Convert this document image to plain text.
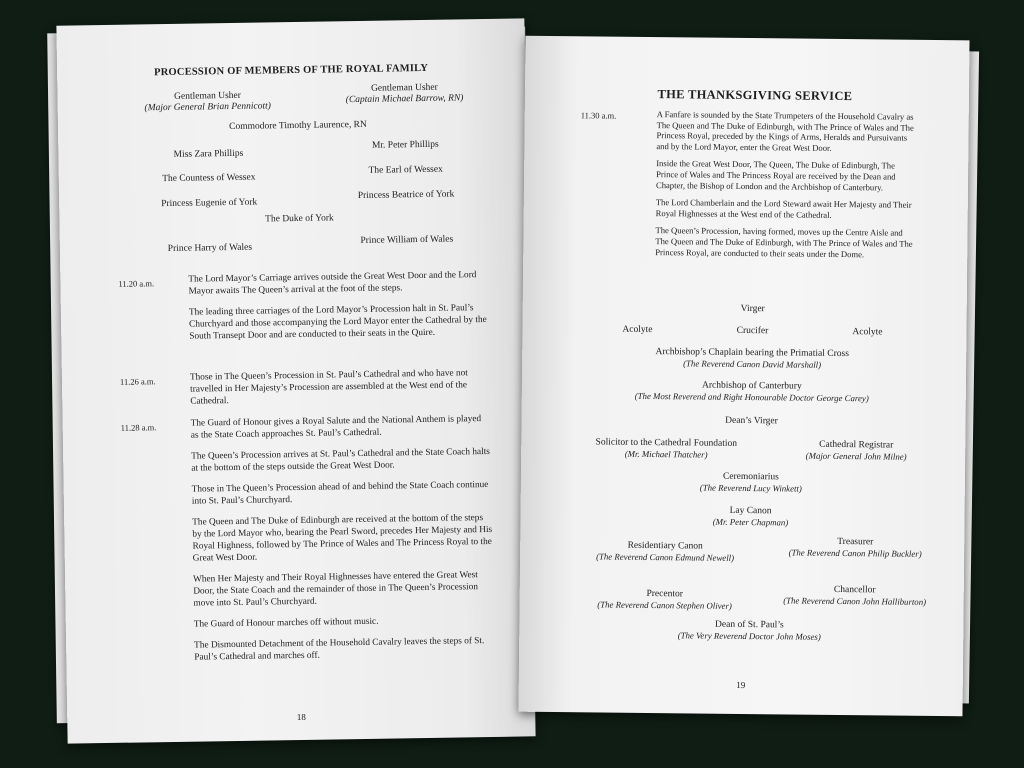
PROCESSION OF MEMBERS OF THE ROYAL FAMILY
Gentleman Usher
(Major General Brian Pennicott)
Gentleman Usher
(Captain Michael Barrow, RN)
Commodore Timothy Laurence, RN
Miss Zara Phillips
Mr. Peter Phillips
The Countess of Wessex
The Earl of Wessex
Princess Eugenie of York
Princess Beatrice of York
The Duke of York
Prince Harry of Wales
Prince William of Wales
11.20 a.m.	The Lord Mayor’s Carriage arrives outside the Great West Door and the Lord Mayor awaits The Queen’s arrival at the foot of the steps.

The leading three carriages of the Lord Mayor’s Procession halt in St. Paul’s Churchyard and those accompanying the Lord Mayor enter the Cathedral by the South Transept Door and are conducted to their seats in the Quire.

11.26 a.m.	Those in The Queen’s Procession in St. Paul’s Cathedral and who have not travelled in Her Majesty’s Procession are assembled at the West end of the Cathedral.

11.28 a.m.	The Guard of Honour gives a Royal Salute and the National Anthem is played as the State Coach approaches St. Paul’s Cathedral.

The Queen’s Procession arrives at St. Paul’s Cathedral and the State Coach halts at the bottom of the steps outside the Great West Door.

Those in The Queen’s Procession ahead of and behind the State Coach continue into St. Paul’s Churchyard.

The Queen and The Duke of Edinburgh are received at the bottom of the steps by the Lord Mayor who, bearing the Pearl Sword, precedes Her Majesty and His Royal Highness, followed by The Prince of Wales and The Princess Royal to the Great West Door.

When Her Majesty and Their Royal Highnesses have entered the Great West Door, the State Coach and the remainder of those in The Queen’s Procession move into St. Paul’s Churchyard.

The Guard of Honour marches off without music.

The Dismounted Detachment of the Household Cavalry leaves the steps of St. Paul’s Cathedral and marches off.

18
THE THANKSGIVING SERVICE
11.30 a.m.	A Fanfare is sounded by the State Trumpeters of the Household Cavalry as The Queen and The Duke of Edinburgh, with The Prince of Wales and The Princess Royal, preceded by the Kings of Arms, Heralds and Pursuivants and by the Lord Mayor, enter the Great West Door.

Inside the Great West Door, The Queen, The Duke of Edinburgh, The Prince of Wales and The Princess Royal are received by the Dean and Chapter, the Bishop of London and the Archbishop of Canterbury.

The Lord Chamberlain and the Lord Steward await Her Majesty and Their Royal Highnesses at the West end of the Cathedral.

The Queen’s Procession, having formed, moves up the Centre Aisle and The Queen and The Duke of Edinburgh, with The Prince of Wales and The Princess Royal, are conducted to their seats under the Dome.

Virger
Acolyte	Crucifer	Acolyte
Archbishop’s Chaplain bearing the Primatial Cross
(The Reverend Canon David Marshall)
Archbishop of Canterbury
(The Most Reverend and Right Honourable Doctor George Carey)
Dean’s Virger
Solicitor to the Cathedral Foundation
(Mr. Michael Thatcher)
Cathedral Registrar
(Major General John Milne)
Ceremoniarius
(The Reverend Lucy Winkett)
Lay Canon
(Mr. Peter Chapman)
Residentiary Canon
(The Reverend Canon Edmund Newell)
Treasurer
(The Reverend Canon Philip Buckler)
Precentor
(The Reverend Canon Stephen Oliver)
Chancellor
(The Reverend Canon John Halliburton)
Dean of St. Paul’s
(The Very Reverend Doctor John Moses)
19
